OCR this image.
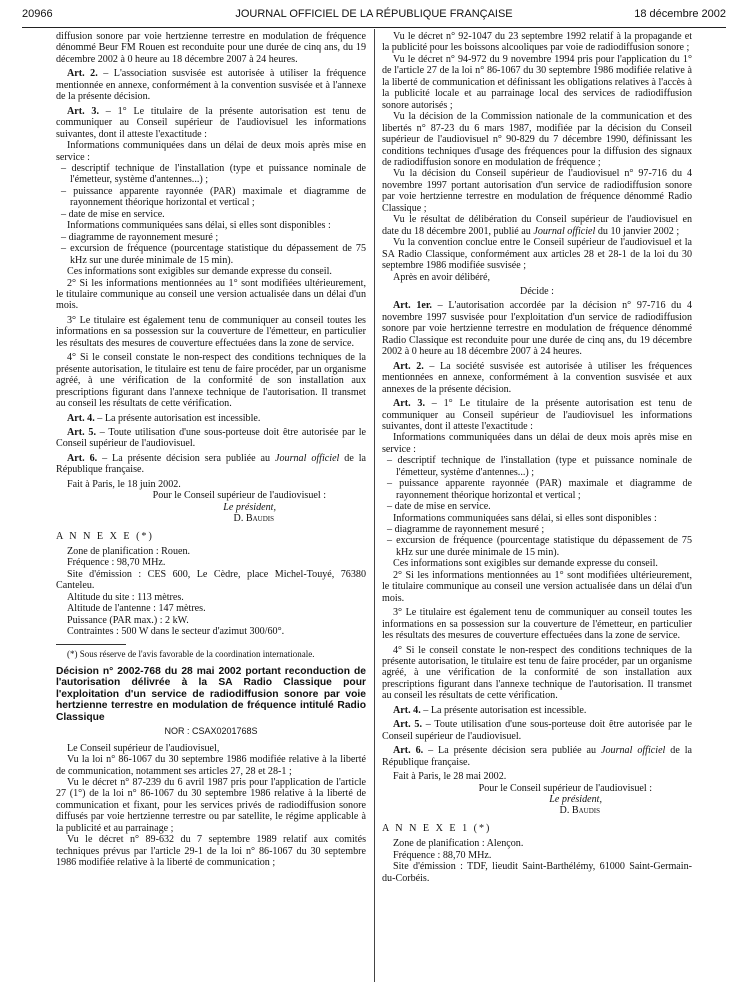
20966	JOURNAL OFFICIEL DE LA RÉPUBLIQUE FRANÇAISE	18 décembre 2002

diffusion sonore par voie hertzienne terrestre en modulation de fréquence dénommé Beur FM Rouen est reconduite pour une durée de cinq ans, du 19 décembre 2002 à 0 heure au 18 décembre 2007 à 24 heures.

Art. 2. – L'association susvisée est autorisée à utiliser la fréquence mentionnée en annexe, conformément à la convention susvisée et à l'annexe de la présente décision.

Art. 3. – 1° Le titulaire de la présente autorisation est tenu de communiquer au Conseil supérieur de l'audiovisuel les informations suivantes, dont il atteste l'exactitude :

Informations communiquées dans un délai de deux mois après mise en service :

– descriptif technique de l'installation (type et puissance nominale de l'émetteur, système d'antennes...) ;

– puissance apparente rayonnée (PAR) maximale et diagramme de rayonnement théorique horizontal et vertical ;

– date de mise en service.

Informations communiquées sans délai, si elles sont disponibles :

– diagramme de rayonnement mesuré ;

– excursion de fréquence (pourcentage statistique du dépassement de 75 kHz sur une durée minimale de 15 min).

Ces informations sont exigibles sur demande expresse du conseil.

2° Si les informations mentionnées au 1° sont modifiées ultérieurement, le titulaire communique au conseil une version actualisée dans un délai d'un mois.

3° Le titulaire est également tenu de communiquer au conseil toutes les informations en sa possession sur la couverture de l'émetteur, en particulier les résultats des mesures de couverture effectuées dans la zone de service.

4° Si le conseil constate le non-respect des conditions techniques de la présente autorisation, le titulaire est tenu de faire procéder, par un organisme agréé, à une vérification de la conformité de son installation aux prescriptions figurant dans l'annexe technique de l'autorisation. Il transmet au conseil les résultats de cette vérification.

Art. 4. – La présente autorisation est incessible.

Art. 5. – Toute utilisation d'une sous-porteuse doit être autorisée par le Conseil supérieur de l'audiovisuel.

Art. 6. – La présente décision sera publiée au Journal officiel de la République française.

Fait à Paris, le 18 juin 2002.

Pour le Conseil supérieur de l'audiovisuel :

Le président,

D. Baudis

A N N E X E (*)

Zone de planification : Rouen.

Fréquence : 98,70 MHz.

Site d'émission : CES 600, Le Cèdre, place Michel-Touyé, 76380 Canteleu.

Altitude du site : 113 mètres.

Altitude de l'antenne : 147 mètres.

Puissance (PAR max.) : 2 kW.

Contraintes : 500 W dans le secteur d'azimut 300/60°.

(*) Sous réserve de l'avis favorable de la coordination internationale.

Décision n° 2002-768 du 28 mai 2002 portant reconduction de l'autorisation délivrée à la SA Radio Classique pour l'exploitation d'un service de radiodiffusion sonore par voie hertzienne terrestre en modulation de fréquence intitulé Radio Classique

NOR : CSAX0201768S

Le Conseil supérieur de l'audiovisuel,

Vu la loi n° 86-1067 du 30 septembre 1986 modifiée relative à la liberté de communication, notamment ses articles 27, 28 et 28-1 ;

Vu le décret n° 87-239 du 6 avril 1987 pris pour l'application de l'article 27 (1°) de la loi n° 86-1067 du 30 septembre 1986 relative à la liberté de communication et fixant, pour les services privés de radiodiffusion sonore diffusés par voie hertzienne terrestre ou par satellite, le régime applicable à la publicité et au parrainage ;

Vu le décret n° 89-632 du 7 septembre 1989 relatif aux comités techniques prévus par l'article 29-1 de la loi n° 86-1067 du 30 septembre 1986 modifiée relative à la liberté de communication ;

Vu le décret n° 92-1047 du 23 septembre 1992 relatif à la propagande et la publicité pour les boissons alcooliques par voie de radiodiffusion sonore ;

Vu le décret n° 94-972 du 9 novembre 1994 pris pour l'application du 1° de l'article 27 de la loi n° 86-1067 du 30 septembre 1986 modifiée relative à la liberté de communication et définissant les obligations relatives à l'accès à la publicité locale et au parrainage local des services de radiodiffusion sonore autorisés ;

Vu la décision de la Commission nationale de la communication et des libertés n° 87-23 du 6 mars 1987, modifiée par la décision du Conseil supérieur de l'audiovisuel n° 90-829 du 7 décembre 1990, définissant les conditions techniques d'usage des fréquences pour la diffusion des signaux de radiodiffusion sonore en modulation de fréquence ;

Vu la décision du Conseil supérieur de l'audiovisuel n° 97-716 du 4 novembre 1997 portant autorisation d'un service de radiodiffusion sonore par voie hertzienne terrestre en modulation de fréquence dénommé Radio Classique ;

Vu le résultat de délibération du Conseil supérieur de l'audiovisuel en date du 18 décembre 2001, publié au Journal officiel du 10 janvier 2002 ;

Vu la convention conclue entre le Conseil supérieur de l'audiovisuel et la SA Radio Classique, conformément aux articles 28 et 28-1 de la loi du 30 septembre 1986 modifiée susvisée ;

Après en avoir délibéré,

Décide :

Art. 1er. – L'autorisation accordée par la décision n° 97-716 du 4 novembre 1997 susvisée pour l'exploitation d'un service de radiodiffusion sonore par voie hertzienne terrestre en modulation de fréquence dénommé Radio Classique est reconduite pour une durée de cinq ans, du 19 décembre 2002 à 0 heure au 18 décembre 2007 à 24 heures.

Art. 2. – La société susvisée est autorisée à utiliser les fréquences mentionnées en annexe, conformément à la convention susvisée et aux annexes de la présente décision.

Art. 3. – 1° Le titulaire de la présente autorisation est tenu de communiquer au Conseil supérieur de l'audiovisuel les informations suivantes, dont il atteste l'exactitude :

Informations communiquées dans un délai de deux mois après mise en service :

– descriptif technique de l'installation (type et puissance nominale de l'émetteur, système d'antennes...) ;

– puissance apparente rayonnée (PAR) maximale et diagramme de rayonnement théorique horizontal et vertical ;

– date de mise en service.

Informations communiquées sans délai, si elles sont disponibles :

– diagramme de rayonnement mesuré ;

– excursion de fréquence (pourcentage statistique du dépassement de 75 kHz sur une durée minimale de 15 min).

Ces informations sont exigibles sur demande expresse du conseil.

2° Si les informations mentionnées au 1° sont modifiées ultérieurement, le titulaire communique au conseil une version actualisée dans un délai d'un mois.

3° Le titulaire est également tenu de communiquer au conseil toutes les informations en sa possession sur la couverture de l'émetteur, en particulier les résultats des mesures de couverture effectuées dans la zone de service.

4° Si le conseil constate le non-respect des conditions techniques de la présente autorisation, le titulaire est tenu de faire procéder, par un organisme agréé, à une vérification de la conformité de son installation aux prescriptions figurant dans l'annexe technique de l'autorisation. Il transmet au conseil les résultats de cette vérification.

Art. 4. – La présente autorisation est incessible.

Art. 5. – Toute utilisation d'une sous-porteuse doit être autorisée par le Conseil supérieur de l'audiovisuel.

Art. 6. – La présente décision sera publiée au Journal officiel de la République française.

Fait à Paris, le 28 mai 2002.

Pour le Conseil supérieur de l'audiovisuel :

Le président,

D. Baudis

A N N E X E 1 (*)

Zone de planification : Alençon.

Fréquence : 88,70 MHz.

Site d'émission : TDF, lieudit Saint-Barthélémy, 61000 Saint-Germain-du-Corbéis.
